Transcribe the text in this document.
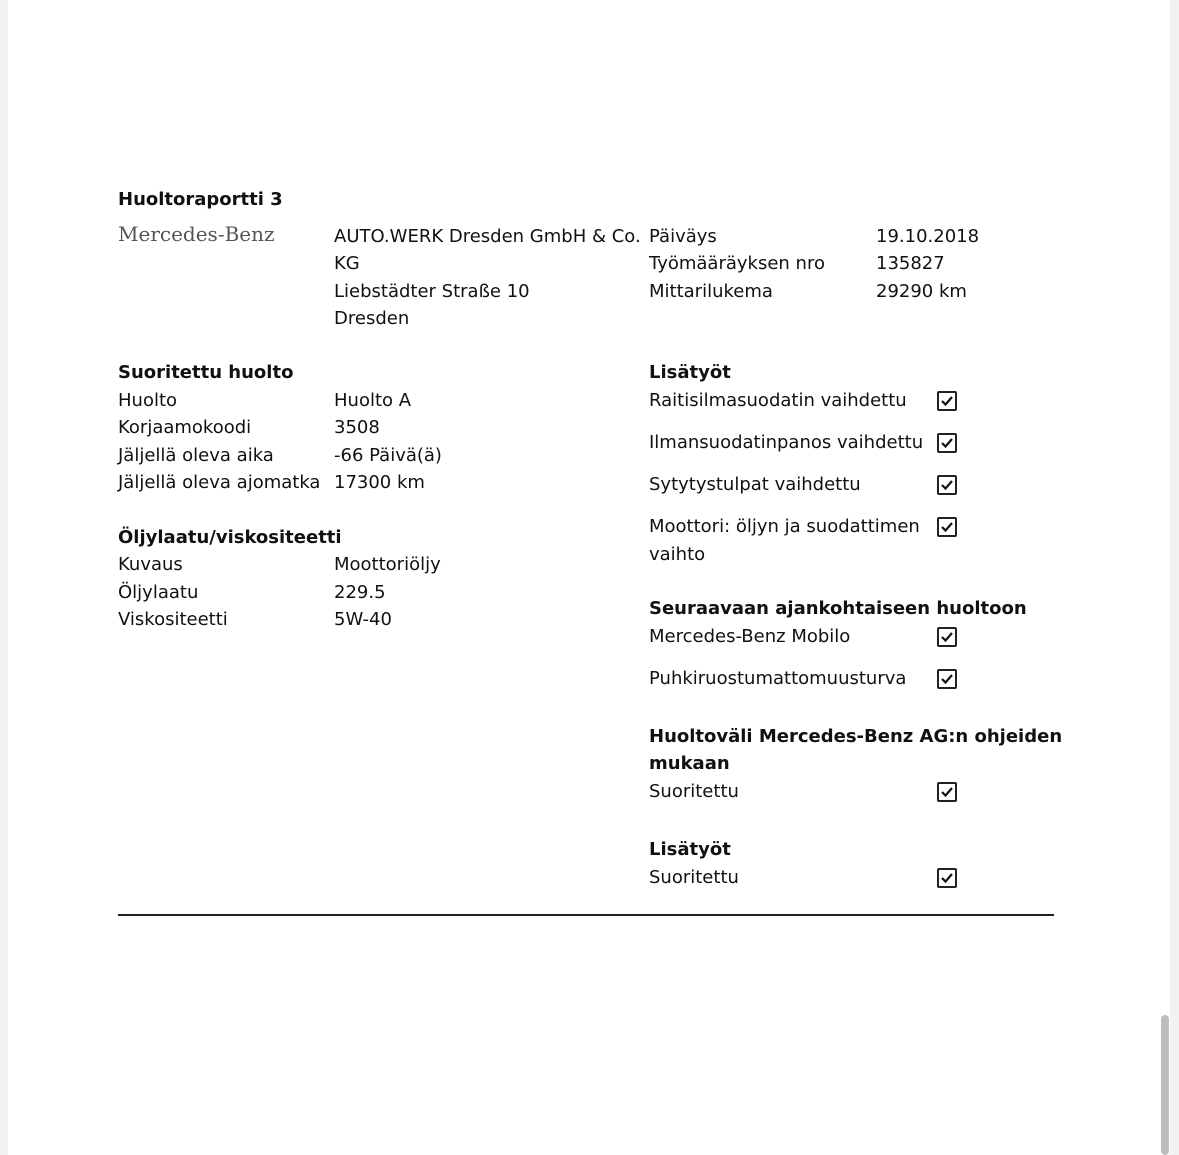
Huoltoraportti 3
Mercedes-Benz	AUTO.WERK Dresden GmbH & Co.
KG
Liebstädter Straße 10
Dresden
Päiväys	19.10.2018
Työmääräyksen nro	135827
Mittarilukema	29290 km
Suoritettu huolto
Huolto	Huolto A
Korjaamokoodi	3508
Jäljellä oleva aika	-66 Päivä(ä)
Jäljellä oleva ajomatka 17300 km
Öljylaatu/viskositeetti
Kuvaus	Moottoriöljy
Öljylaatu	229.5
Viskositeetti	5W-40
Lisätyöt
Raitisilmasuodatin vaihdettu
Ilmansuodatinpanos vaihdettu
Sytytystulpat vaihdettu
Moottori: öljyn ja suodattimen
vaihto
Seuraavaan ajankohtaiseen huoltoon
Mercedes-Benz Mobilo
Puhkiruostumattomuusturva
Huoltoväli Mercedes-Benz AG:n ohjeiden
mukaan
Suoritettu
Lisätyöt
Suoritettu
